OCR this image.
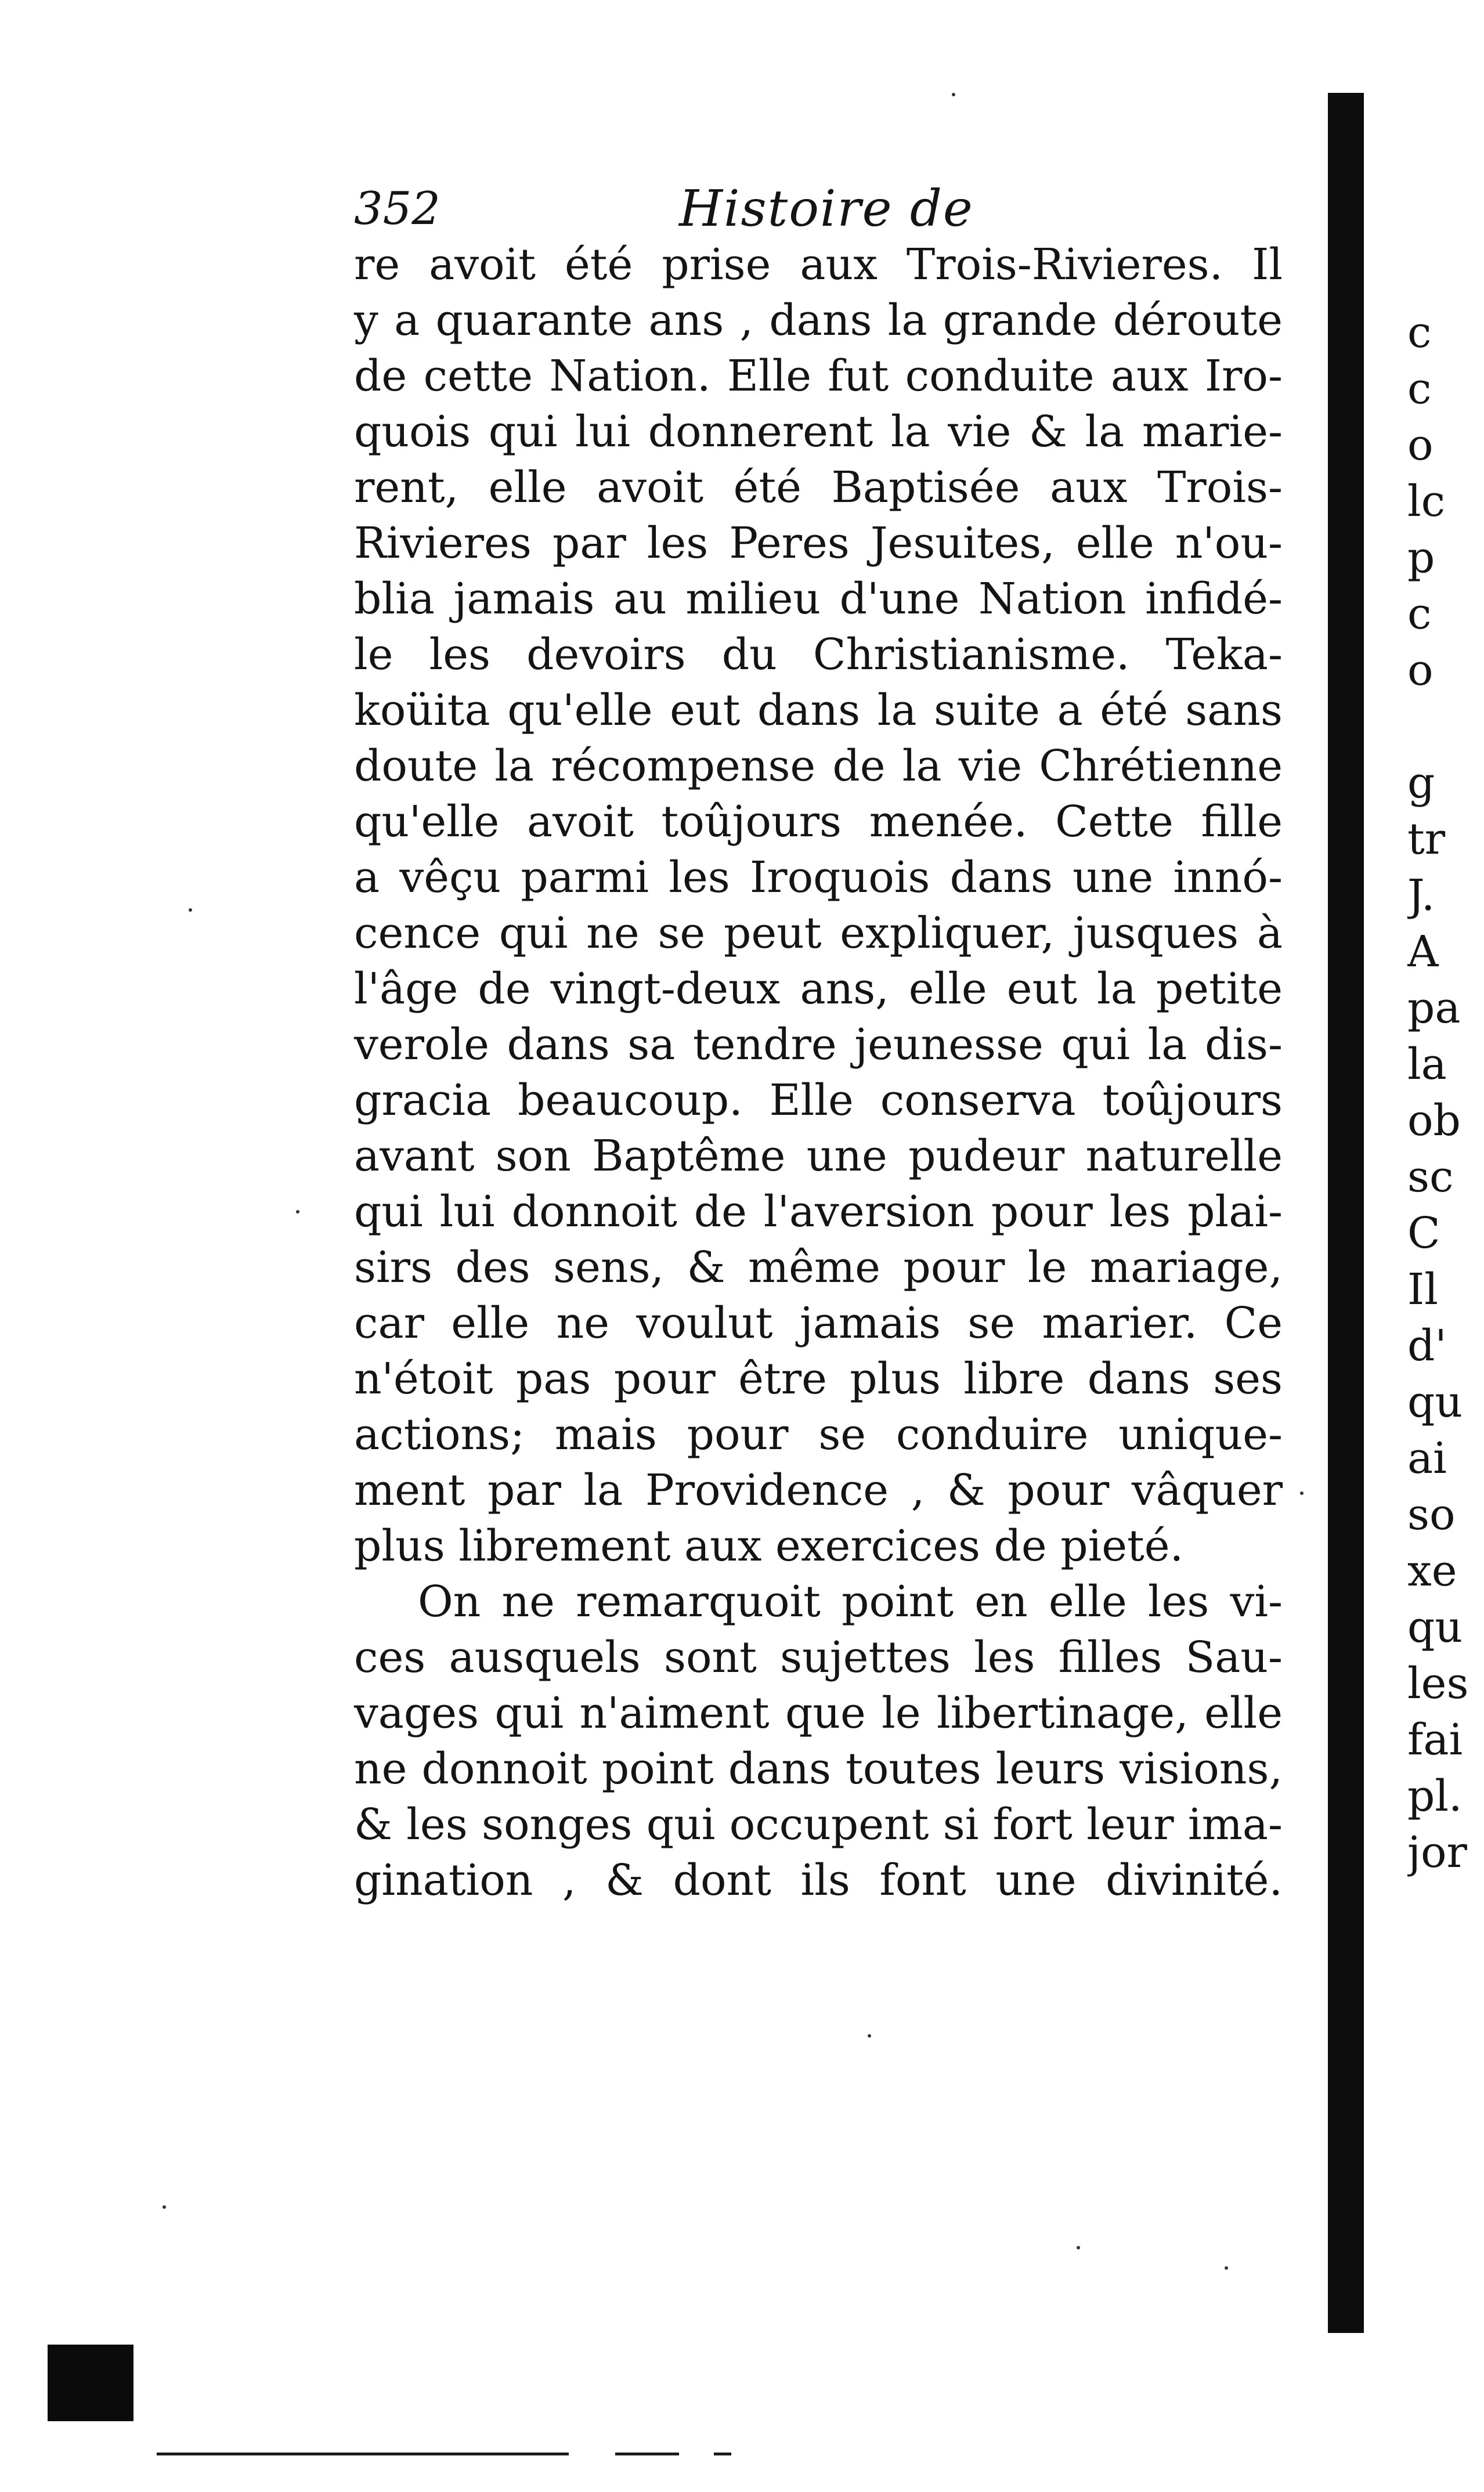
352	Histoire de
re avoit été prise aux Trois-Rivieres. Il
y a quarante ans , dans la grande déroute
de cette Nation. Elle fut conduite aux Iro-
quois qui lui donnerent la vie & la marie-
rent, elle avoit été Baptisée aux Trois-
Rivieres par les Peres Jesuites, elle n'ou-
blia jamais au milieu d'une Nation infidé-
le les devoirs du Christianisme. Teka-
koüita qu'elle eut dans la suite a été sans
doute la récompense de la vie Chrétienne
qu'elle avoit toûjours menée. Cette fille
a vêçu parmi les Iroquois dans une innó-
cence qui ne se peut expliquer, jusques à
l'âge de vingt-deux ans, elle eut la petite
verole dans sa tendre jeunesse qui la dis-
gracia beaucoup. Elle conserva toûjours
avant son Baptême une pudeur naturelle
qui lui donnoit de l'aversion pour les plai-
sirs des sens, & même pour le mariage,
car elle ne voulut jamais se marier. Ce
n'étoit pas pour être plus libre dans ses
actions; mais pour se conduire unique-
ment par la Providence , & pour vâquer
plus librement aux exercices de pieté.
On ne remarquoit point en elle les vi-
ces ausquels sont sujettes les filles Sau-
vages qui n'aiment que le libertinage, elle
ne donnoit point dans toutes leurs visions,
& les songes qui occupent si fort leur ima-
gination , & dont ils font une divinité.
c
c
o
lc
p
c
o
g
tr
J.
A
pa
la
ob
sc
C
Il
d'
qu
ai
so
xe
qu
les
fai
pl.
jor
